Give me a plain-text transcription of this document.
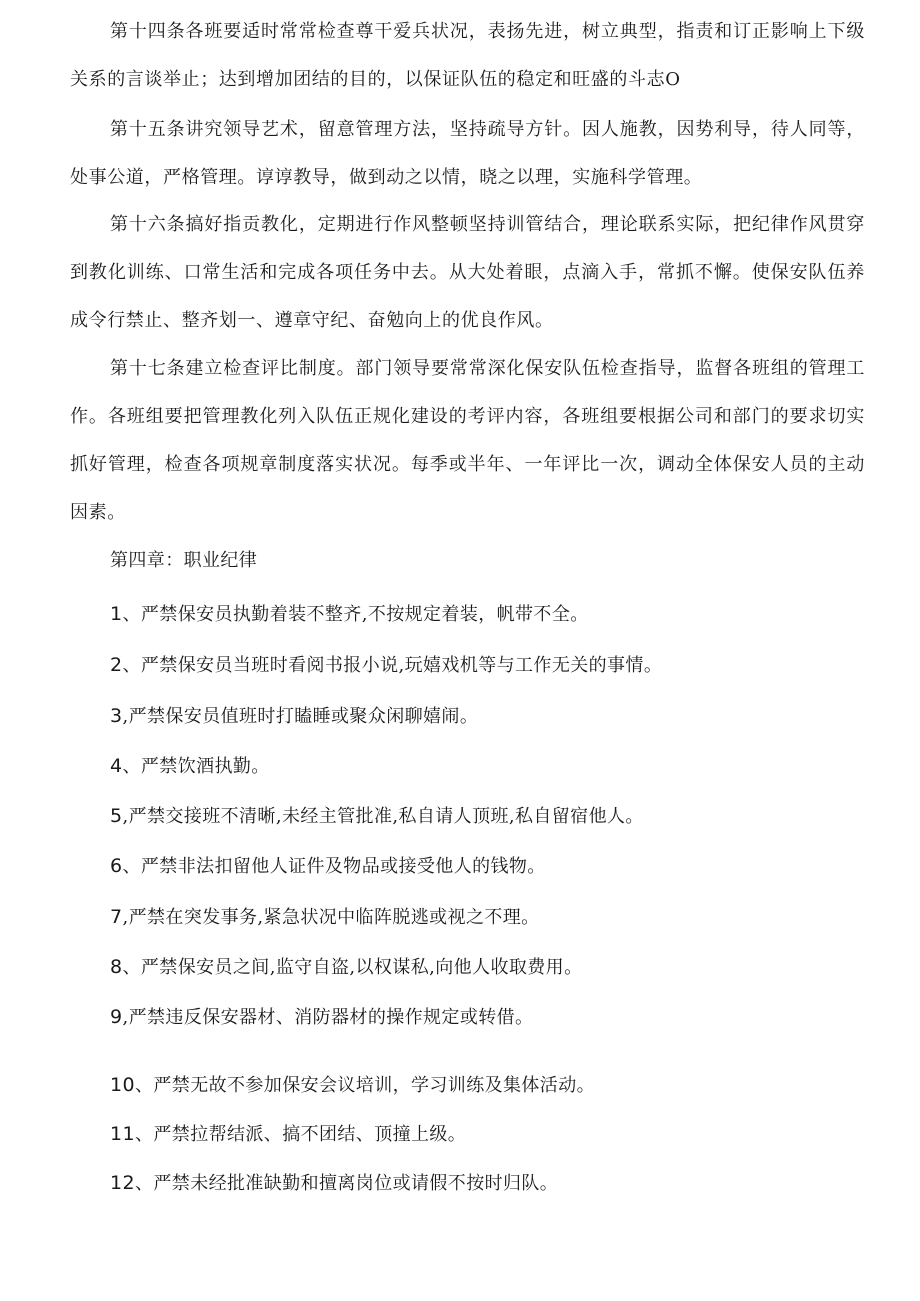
第十四条各班要适时常常检查尊干爱兵状况，表扬先进，树立典型，指责和订正影响上下级关系的言谈举止；达到增加团结的目的，以保证队伍的稳定和旺盛的斗志O

第十五条讲究领导艺术，留意管理方法，坚持疏导方针。因人施教，因势利导，待人同等，处事公道，严格管理。谆谆教导，做到动之以情，晓之以理，实施科学管理。

第十六条搞好指贡教化，定期进行作风整顿坚持训管结合，理论联系实际，把纪律作风贯穿到教化训练、口常生活和完成各项任务中去。从大处着眼，点滴入手，常抓不懈。使保安队伍养成令行禁止、整齐划一、遵章守纪、奋勉向上的优良作风。

第十七条建立检查评比制度。部门领导要常常深化保安队伍检查指导，监督各班组的管理工作。各班组要把管理教化列入队伍正规化建设的考评内容，各班组要根据公司和部门的要求切实抓好管理，检查各项规章制度落实状况。每季或半年、一年评比一次，调动全体保安人员的主动因素。

第四章：职业纪律

1、严禁保安员执勤着装不整齐,不按规定着装，帆带不全。

2、严禁保安员当班时看阅书报小说,玩嬉戏机等与工作无关的事情。

3,严禁保安员值班时打瞌睡或聚众闲聊嬉闹。

4、严禁饮酒执勤。

5,严禁交接班不清晰,未经主管批准,私自请人顶班,私自留宿他人。

6、严禁非法扣留他人证件及物品或接受他人的钱物。

7,严禁在突发事务,紧急状况中临阵脱逃或视之不理。

8、严禁保安员之间,监守自盗,以权谋私,向他人收取费用。

9,严禁违反保安器材、消防器材的操作规定或转借。

10、严禁无故不参加保安会议培训，学习训练及集体活动。

11、严禁拉帮结派、搞不团结、顶撞上级。

12、严禁未经批准缺勤和擅离岗位或请假不按时归队。
